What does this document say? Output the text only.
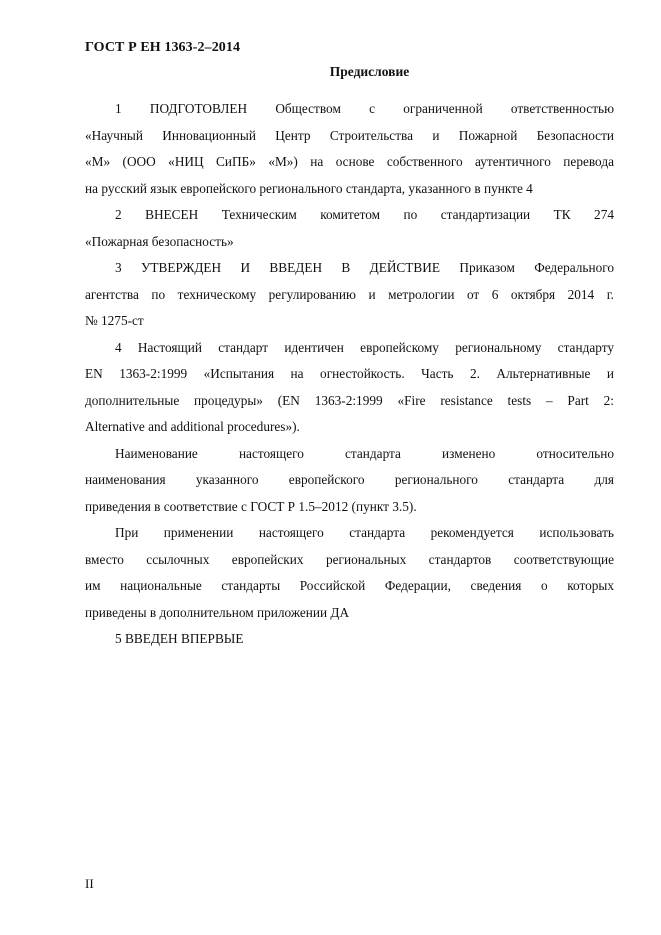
ГОСТ Р ЕН 1363-2–2014
Предисловие
1 ПОДГОТОВЛЕН Обществом с ограниченной ответственностью
«Научный Инновационный Центр Строительства и Пожарной Безопасности
«М» (ООО «НИЦ СиПБ» «М») на основе собственного аутентичного перевода
на русский язык европейского регионального стандарта, указанного в пункте 4
2 ВНЕСЕН Техническим комитетом по стандартизации ТК 274
«Пожарная безопасность»
3 УТВЕРЖДЕН И ВВЕДЕН В ДЕЙСТВИЕ Приказом Федерального
агентства по техническому регулированию и метрологии от 6 октября 2014 г.
№ 1275-ст
4 Настоящий стандарт идентичен европейскому региональному стандарту
EN 1363-2:1999 «Испытания на огнестойкость. Часть 2. Альтернативные и
дополнительные процедуры» (EN 1363-2:1999 «Fire resistance tests – Part 2:
Alternative and additional procedures»).
Наименование настоящего стандарта изменено относительно
наименования указанного европейского регионального стандарта для
приведения в соответствие с ГОСТ Р 1.5–2012 (пункт 3.5).
При применении настоящего стандарта рекомендуется использовать
вместо ссылочных европейских региональных стандартов соответствующие
им национальные стандарты Российской Федерации, сведения о которых
приведены в дополнительном приложении ДА
5 ВВЕДЕН ВПЕРВЫЕ
II
